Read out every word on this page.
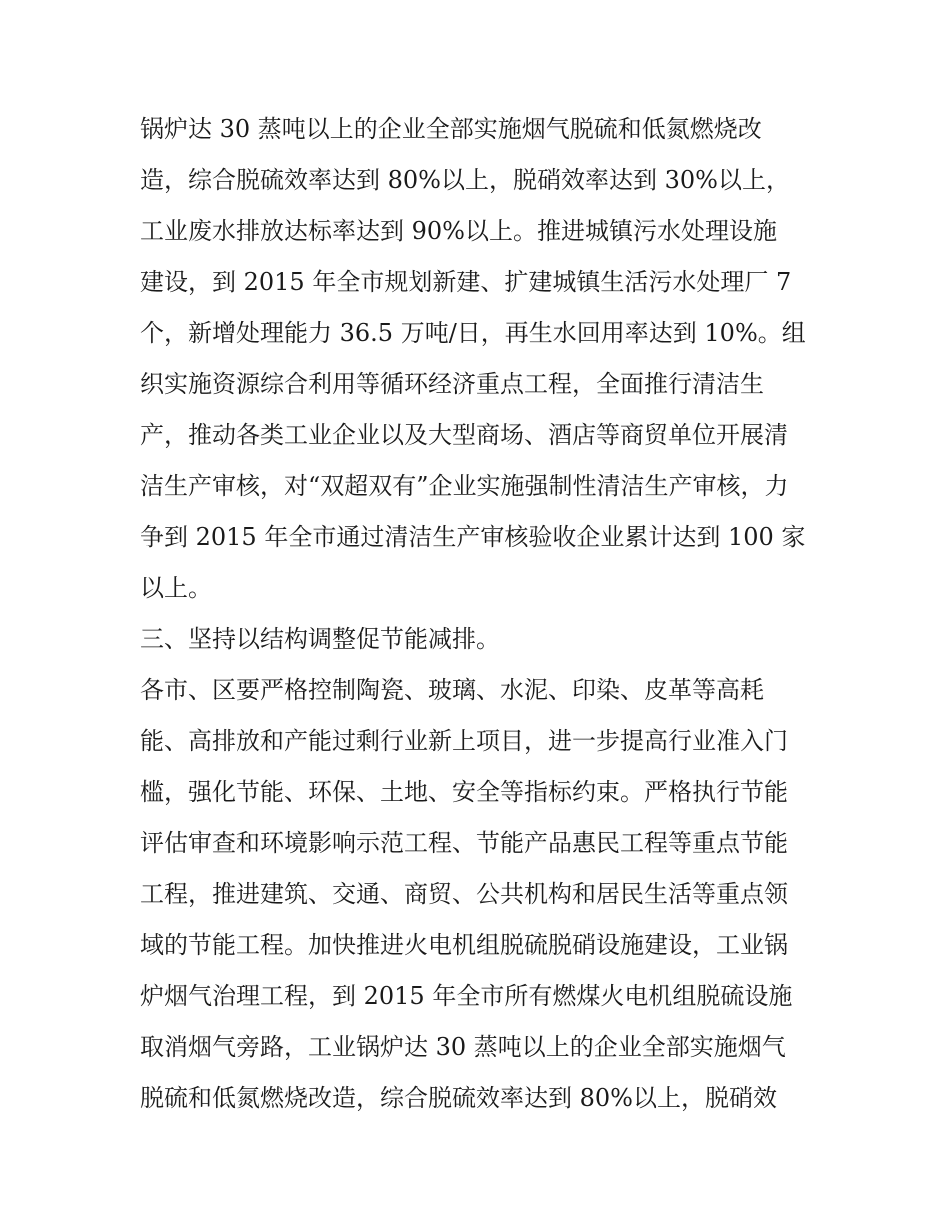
锅炉达 30 蒸吨以上的企业全部实施烟气脱硫和低氮燃烧改
造，综合脱硫效率达到 80%以上，脱硝效率达到 30%以上，
工业废水排放达标率达到 90%以上。推进城镇污水处理设施
建设，到 2015 年全市规划新建、扩建城镇生活污水处理厂 7
个，新增处理能力 36.5 万吨/日，再生水回用率达到 10%。组
织实施资源综合利用等循环经济重点工程，全面推行清洁生
产，推动各类工业企业以及大型商场、酒店等商贸单位开展清
洁生产审核，对“双超双有”企业实施强制性清洁生产审核，力
争到 2015 年全市通过清洁生产审核验收企业累计达到 100 家
以上。
三、坚持以结构调整促节能减排。
各市、区要严格控制陶瓷、玻璃、水泥、印染、皮革等高耗
能、高排放和产能过剩行业新上项目，进一步提高行业准入门
槛，强化节能、环保、土地、安全等指标约束。严格执行节能
评估审查和环境影响示范工程、节能产品惠民工程等重点节能
工程，推进建筑、交通、商贸、公共机构和居民生活等重点领
域的节能工程。加快推进火电机组脱硫脱硝设施建设，工业锅
炉烟气治理工程，到 2015 年全市所有燃煤火电机组脱硫设施
取消烟气旁路，工业锅炉达 30 蒸吨以上的企业全部实施烟气
脱硫和低氮燃烧改造，综合脱硫效率达到 80%以上，脱硝效
